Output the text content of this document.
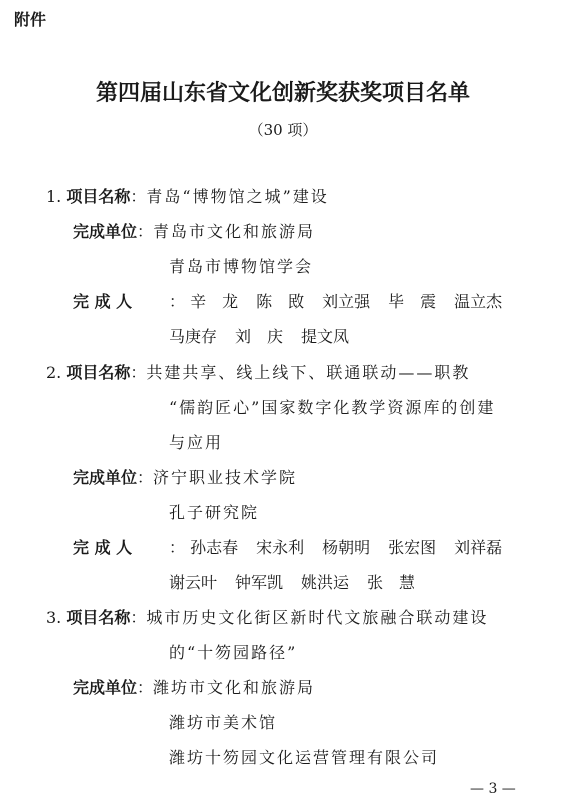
附件
第四届山东省文化创新奖获奖项目名单
（30 项）
1. 项目名称：青岛“博物馆之城”建设
完成单位：青岛市文化和旅游局
青岛市博物馆学会
完 成 人 ： 辛　龙 陈　敃 刘立强 毕　震 温立杰
马庚存 刘　庆 提文凤
2. 项目名称：共建共享、线上线下、联通联动——职教
“儒韵匠心”国家数字化教学资源库的创建
与应用
完成单位：济宁职业技术学院
孔子研究院
完 成 人 ： 孙志春 宋永利 杨朝明 张宏图 刘祥磊
谢云叶 钟军凯 姚洪运 张　慧
3. 项目名称：城市历史文化街区新时代文旅融合联动建设
的“十笏园路径”
完成单位：潍坊市文化和旅游局
潍坊市美术馆
潍坊十笏园文化运营管理有限公司
— 3 —
